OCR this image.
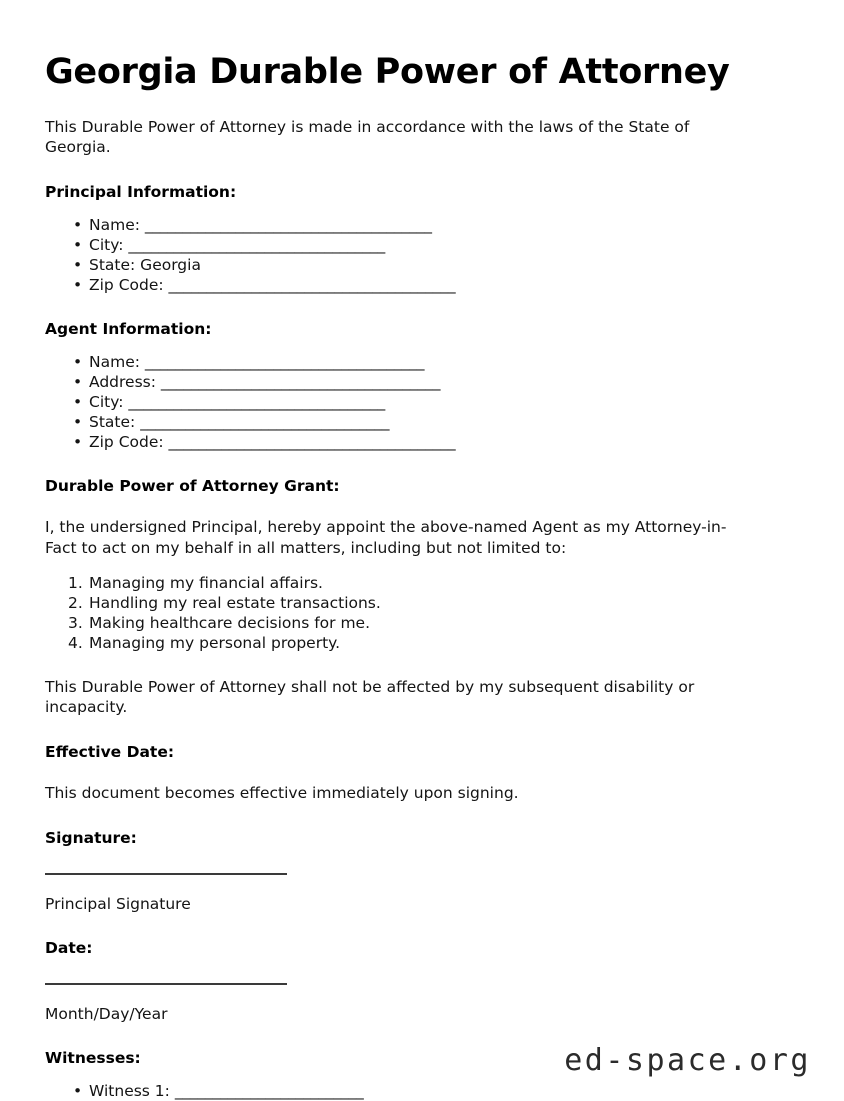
Georgia Durable Power of Attorney

This Durable Power of Attorney is made in accordance with the laws of the State of Georgia.

Principal Information:
• Name: ______________________________________
• City: __________________________________
• State: Georgia
• Zip Code: ______________________________________
Agent Information:
• Name: _____________________________________
• Address: _____________________________________
• City: __________________________________
• State: _________________________________
• Zip Code: ______________________________________
Durable Power of Attorney Grant:

I, the undersigned Principal, hereby appoint the above-named Agent as my Attorney-in-Fact to act on my behalf in all matters, including but not limited to:

Managing my financial affairs.
Handling my real estate transactions.
Making healthcare decisions for me.
Managing my personal property.

This Durable Power of Attorney shall not be affected by my subsequent disability or incapacity.

Effective Date:

This document becomes effective immediately upon signing.

Signature:

Principal Signature

Date:

Month/Day/Year

Witnesses:
• Witness 1: _________________________
ed-space.org
